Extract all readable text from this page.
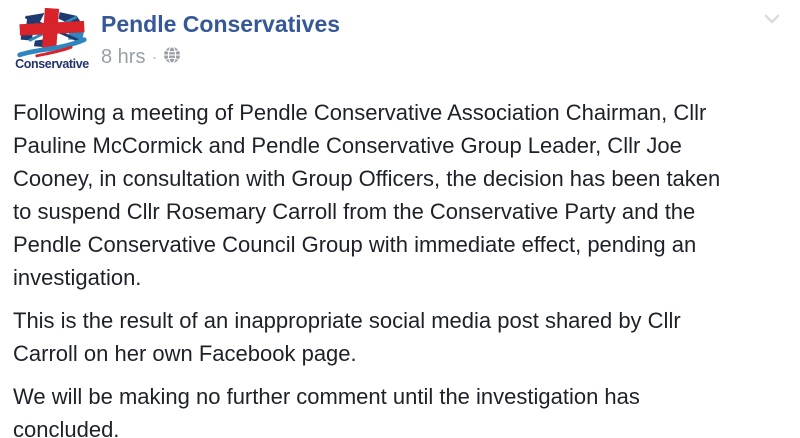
Conservative
Pendle Conservatives
8 hrs ·
Following a meeting of Pendle Conservative Association Chairman, Cllr
Pauline McCormick and Pendle Conservative Group Leader, Cllr Joe
Cooney, in consultation with Group Officers, the decision has been taken
to suspend Cllr Rosemary Carroll from the Conservative Party and the
Pendle Conservative Council Group with immediate effect, pending an
investigation.
This is the result of an inappropriate social media post shared by Cllr
Carroll on her own Facebook page.
We will be making no further comment until the investigation has
concluded.
